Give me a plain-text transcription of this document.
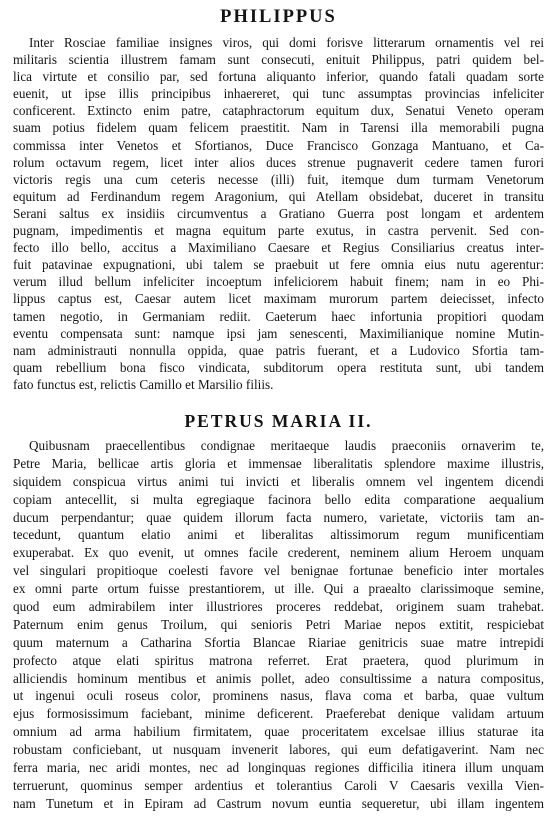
PHILIPPUS
Inter Rosciae familiae insignes viros, qui domi forisve litterarum ornamentis vel rei
militaris scientia illustrem famam sunt consecuti, enituit Philippus, patri quidem bel-
lica virtute et consilio par, sed fortuna aliquanto inferior, quando fatali quadam sorte
euenit, ut ipse illis principibus inhaereret, qui tunc assumptas provincias infeliciter
conficerent. Extincto enim patre, cataphractorum equitum dux, Senatui Veneto operam
suam potius fidelem quam felicem praestitit. Nam in Tarensi illa memorabili pugna
commissa inter Venetos et Sfortianos, Duce Francisco Gonzaga Mantuano, et Ca-
rolum octavum regem, licet inter alios duces strenue pugnaverit cedere tamen furori
victoris regis una cum ceteris necesse (illi) fuit, itemque dum turmam Venetorum
equitum ad Ferdinandum regem Aragonium, qui Atellam obsidebat, duceret in transitu
Serani saltus ex insidiis circumventus a Gratiano Guerra post longam et ardentem
pugnam, impedimentis et magna equitum parte exutus, in castra pervenit. Sed con-
fecto illo bello, accitus a Maximiliano Caesare et Regius Consiliarius creatus inter-
fuit patavinae expugnationi, ubi talem se praebuit ut fere omnia eius nutu agerentur:
verum illud bellum infeliciter incoeptum infeliciorem habuit finem; nam in eo Phi-
lippus captus est, Caesar autem licet maximam murorum partem deiecisset, infecto
tamen negotio, in Germaniam rediit. Caeterum haec infortunia propitiori quodam
eventu compensata sunt: namque ipsi jam senescenti, Maximilianique nomine Mutin-
nam administrauti nonnulla oppida, quae patris fuerant, et a Ludovico Sfortia tam-
quam rebellium bona fisco vindicata, subditorum opera restituta sunt, ubi tandem
fato functus est, relictis Camillo et Marsilio filiis.
PETRUS MARIA II.
Quibusnam praecellentibus condignae meritaeque laudis praeconiis ornaverim te,
Petre Maria, bellicae artis gloria et immensae liberalitatis splendore maxime illustris,
siquidem conspicua virtus animi tui invicti et liberalis omnem vel ingentem dicendi
copiam antecellit, si multa egregiaque facinora bello edita comparatione aequalium
ducum perpendantur; quae quidem illorum facta numero, varietate, victoriis tam an-
tecedunt, quantum elatio animi et liberalitas altissimorum regum munificentiam
exuperabat. Ex quo evenit, ut omnes facile crederent, neminem alium Heroem unquam
vel singulari propitioque coelesti favore vel benignae fortunae beneficio inter mortales
ex omni parte ortum fuisse prestantiorem, ut ille. Qui a praealto clarissimoque semine,
quod eum admirabilem inter illustriores proceres reddebat, originem suam trahebat.
Paternum enim genus Troilum, qui senioris Petri Mariae nepos extitit, respiciebat
quum maternum a Catharina Sfortia Blancae Riariae genitricis suae matre intrepidi
profecto atque elati spiritus matrona referret. Erat praetera, quod plurimum in
alliciendis hominum mentibus et animis pollet, adeo consultissime a natura compositus,
ut ingenui oculi roseus color, prominens nasus, flava coma et barba, quae vultum
ejus formosissimum faciebant, minime deficerent. Praeferebat denique validam artuum
omnium ad arma habilium firmitatem, quae proceritatem excelsae illius staturae ita
robustam conficiebant, ut nusquam invenerit labores, qui eum defatigaverint. Nam nec
ferra maria, nec aridi montes, nec ad longinquas regiones difficilia itinera illum unquam
terruerunt, quominus semper ardentius et tolerantius Caroli V Caesaris vexilla Vien-
nam Tunetum et in Epiram ad Castrum novum euntia sequeretur, ubi illam ingentem
